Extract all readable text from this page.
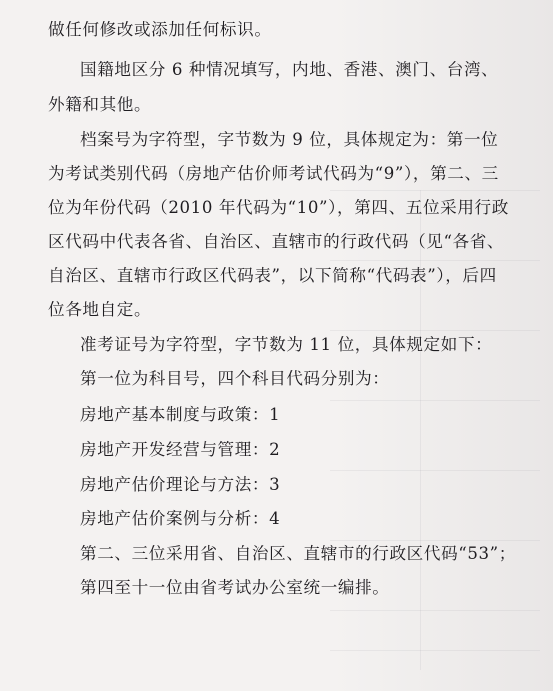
做任何修改或添加任何标识。
国籍地区分 6 种情况填写，内地、香港、澳门、台湾、
外籍和其他。
档案号为字符型，字节数为 9 位，具体规定为：第一位
为考试类别代码（房地产估价师考试代码为“9”），第二、三
位为年份代码（2010 年代码为“10”），第四、五位采用行政
区代码中代表各省、自治区、直辖市的行政代码（见“各省、
自治区、直辖市行政区代码表”，以下简称“代码表”），后四
位各地自定。
准考证号为字符型，字节数为 11 位，具体规定如下：
第一位为科目号，四个科目代码分别为：
房地产基本制度与政策：1
房地产开发经营与管理：2
房地产估价理论与方法：3
房地产估价案例与分析：4
第二、三位采用省、自治区、直辖市的行政区代码“53”；
第四至十一位由省考试办公室统一编排。
